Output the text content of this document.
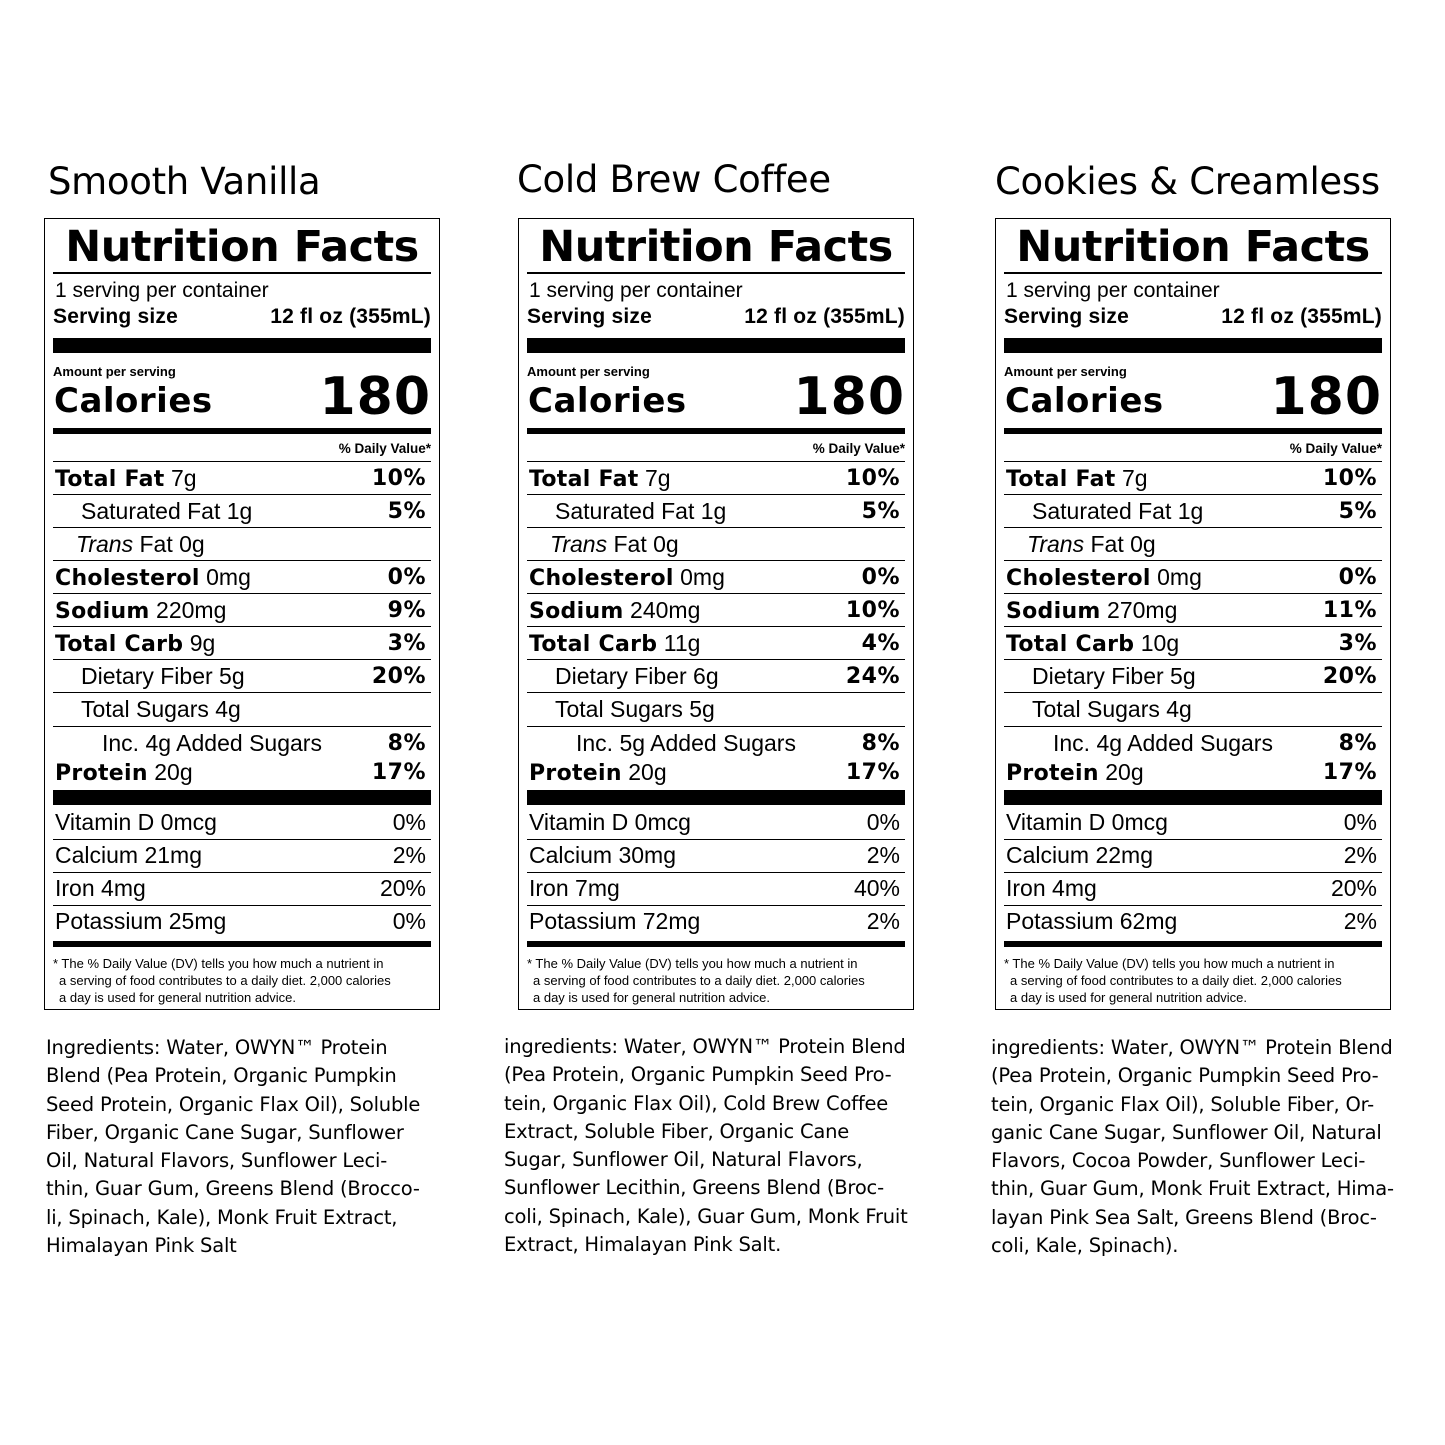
Smooth Vanilla
Nutrition Facts
1 serving per container
Serving size	12 fl oz (355mL)
Amount per serving
Calories 180
% Daily Value*
Total Fat 7g	10%
Saturated Fat 1g	5%
Trans Fat 0g
Cholesterol 0mg	0%
Sodium 220mg	9%
Total Carb 9g	3%
Dietary Fiber 5g	20%
Total Sugars 4g
Inc. 4g Added Sugars	8%
Protein 20g	17%
Vitamin D 0mcg	0%
Calcium 21mg	2%
Iron 4mg	20%
Potassium 25mg	0%
* The % Daily Value (DV) tells you how much a nutrient in
a serving of food contributes to a daily diet. 2,000 calories
a day is used for general nutrition advice.
Ingredients: Water, OWYN™ Protein
Blend (Pea Protein, Organic Pumpkin
Seed Protein, Organic Flax Oil), Soluble
Fiber, Organic Cane Sugar, Sunflower
Oil, Natural Flavors, Sunflower Leci-
thin, Guar Gum, Greens Blend (Brocco-
li, Spinach, Kale), Monk Fruit Extract,
Himalayan Pink Salt
Cold Brew Coffee
Nutrition Facts
1 serving per container
Serving size	12 fl oz (355mL)
Amount per serving
Calories 180
% Daily Value*
Total Fat 7g	10%
Saturated Fat 1g	5%
Trans Fat 0g
Cholesterol 0mg	0%
Sodium 240mg	10%
Total Carb 11g	4%
Dietary Fiber 6g	24%
Total Sugars 5g
Inc. 5g Added Sugars	8%
Protein 20g	17%
Vitamin D 0mcg	0%
Calcium 30mg	2%
Iron 7mg	40%
Potassium 72mg	2%
* The % Daily Value (DV) tells you how much a nutrient in
a serving of food contributes to a daily diet. 2,000 calories
a day is used for general nutrition advice.
ingredients: Water, OWYN™ Protein Blend
(Pea Protein, Organic Pumpkin Seed Pro-
tein, Organic Flax Oil), Cold Brew Coffee
Extract, Soluble Fiber, Organic Cane
Sugar, Sunflower Oil, Natural Flavors,
Sunflower Lecithin, Greens Blend (Broc-
coli, Spinach, Kale), Guar Gum, Monk Fruit
Extract, Himalayan Pink Salt.
Cookies & Creamless
Nutrition Facts
1 serving per container
Serving size	12 fl oz (355mL)
Amount per serving
Calories 180
% Daily Value*
Total Fat 7g	10%
Saturated Fat 1g	5%
Trans Fat 0g
Cholesterol 0mg	0%
Sodium 270mg	11%
Total Carb 10g	3%
Dietary Fiber 5g	20%
Total Sugars 4g
Inc. 4g Added Sugars	8%
Protein 20g	17%
Vitamin D 0mcg	0%
Calcium 22mg	2%
Iron 4mg	20%
Potassium 62mg	2%
* The % Daily Value (DV) tells you how much a nutrient in
a serving of food contributes to a daily diet. 2,000 calories
a day is used for general nutrition advice.
ingredients: Water, OWYN™ Protein Blend
(Pea Protein, Organic Pumpkin Seed Pro-
tein, Organic Flax Oil), Soluble Fiber, Or-
ganic Cane Sugar, Sunflower Oil, Natural
Flavors, Cocoa Powder, Sunflower Leci-
thin, Guar Gum, Monk Fruit Extract, Hima-
layan Pink Sea Salt, Greens Blend (Broc-
coli, Kale, Spinach).
